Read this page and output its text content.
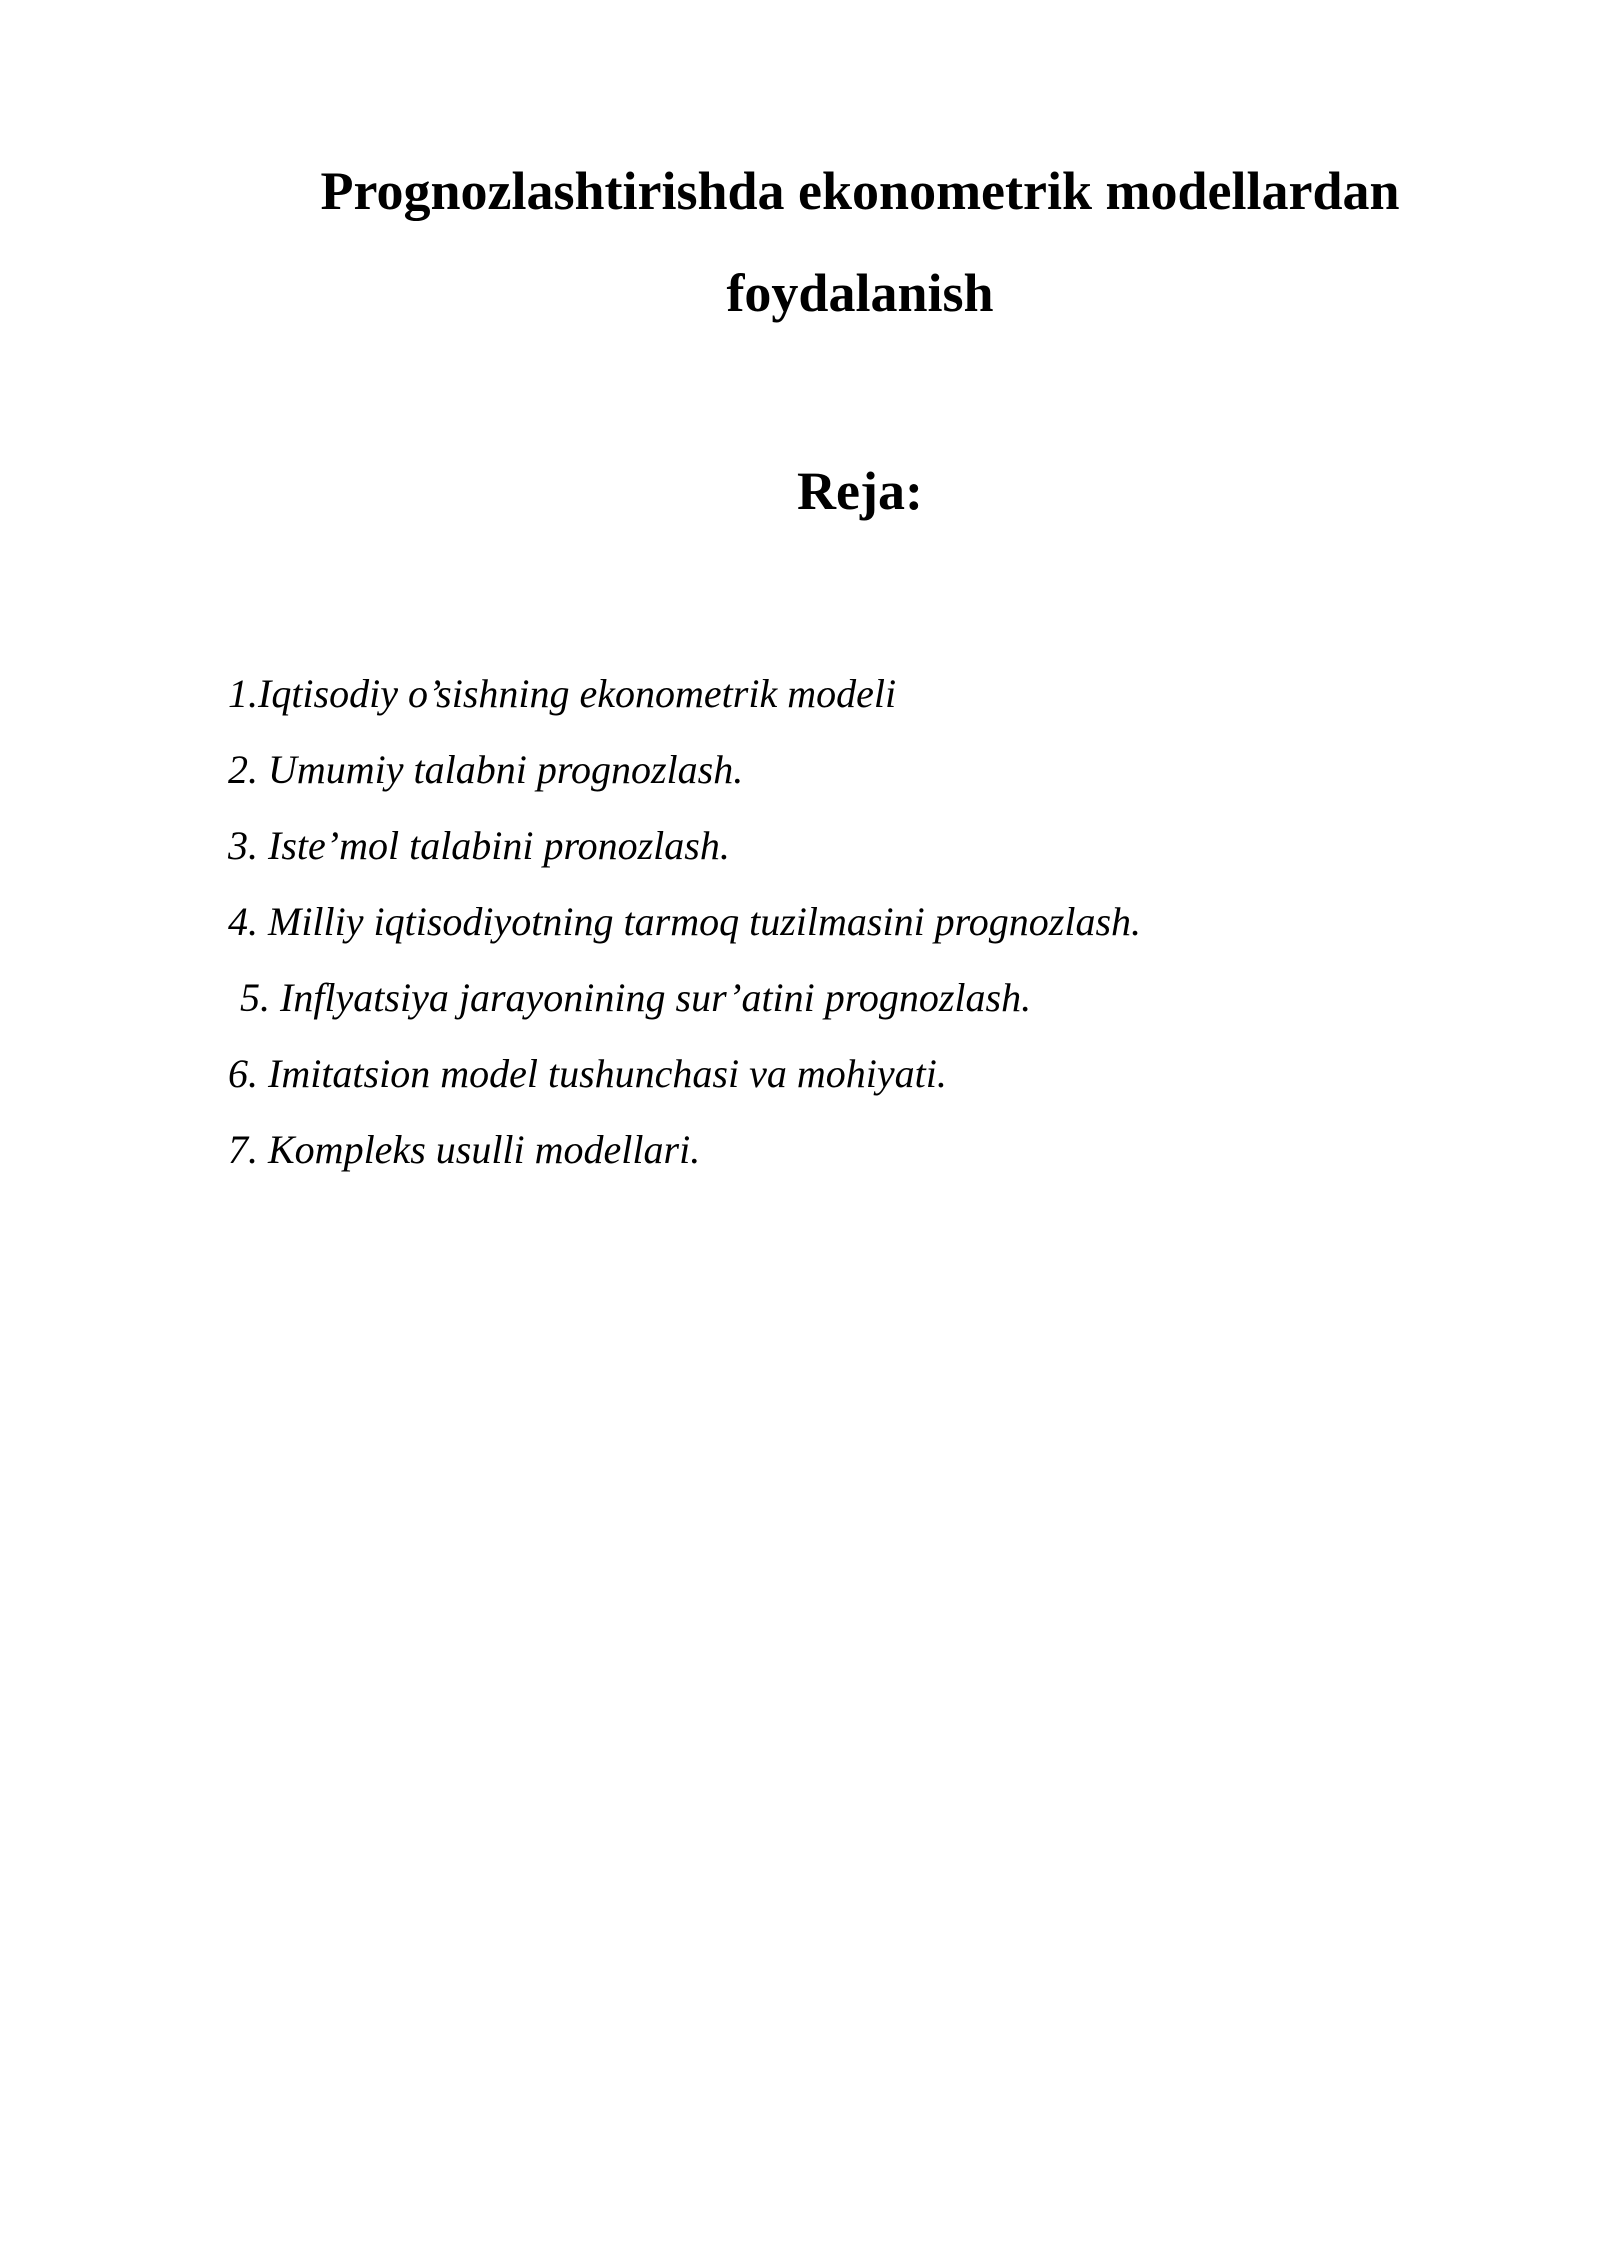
Prognozlashtirishda ekonometrik modellardan
foydalanish
Reja:
1.Iqtisodiy o’sishning ekonometrik modeli
2. Umumiy talabni prognozlash.
3. Iste’mol talabini pronozlash.
4. Milliy iqtisodiyotning tarmoq tuzilmasini prognozlash.
5. Inflyatsiya jarayonining sur’atini prognozlash.
6. Imitatsion model tushunchasi va mohiyati.
7. Kompleks usulli modellari.
